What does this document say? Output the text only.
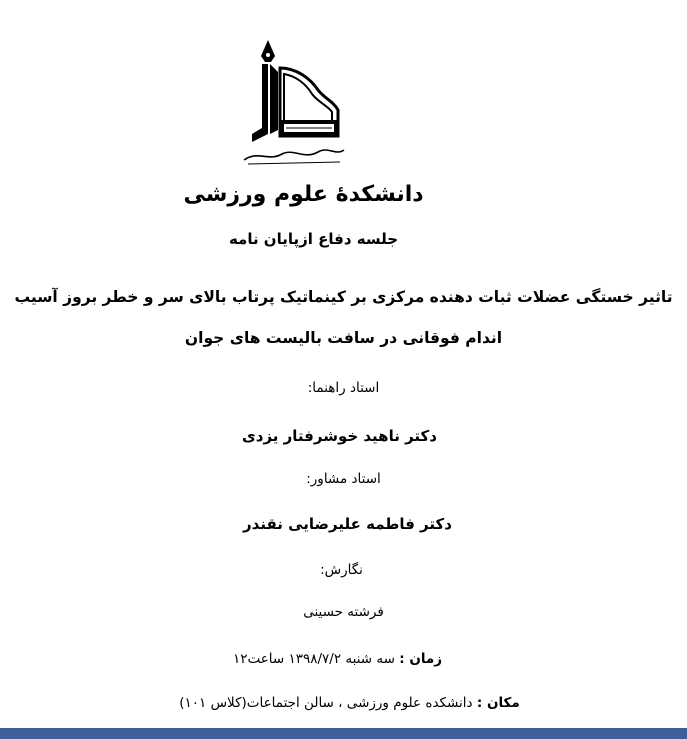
دانشکدهٔ علوم ورزشی
جلسه دفاع ازپایان نامه
تاثیر خستگی عضلات ثبات دهنده مرکزی بر کینماتیک پرتاب بالای سر و خطر بروز آسیب
اندام فوقانی در سافت بالیست های جوان
استاد راهنما:
دکتر ناهید خوشرفتار یزدی
استاد مشاور:
دکتر فاطمه علیرضایی نقندر
نگارش:
فرشته حسینی
زمان : سه شنبه ۱۳۹۸/۷/۲ ساعت۱۲
مکان : دانشکده علوم ورزشی ، سالن اجتماعات(کلاس ۱۰۱)
